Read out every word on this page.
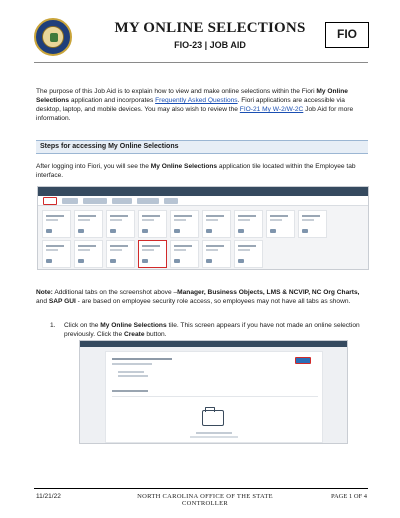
MY ONLINE SELECTIONS
FIO-23 | JOB AID
FIO
The purpose of this Job Aid is to explain how to view and make online selections within the Fiori My Online Selections application and incorporates Frequently Asked Questions. Fiori applications are accessible via desktop, laptop, and mobile devices. You may also wish to review the FIO-21 My W-2/W-2C Job Aid for more information.
Steps for accessing My Online Selections
After logging into Fiori, you will see the My Online Selections application tile located within the Employee tab interface.
Note: Additional tabs on the screenshot above –Manager, Business Objects, LMS & NCVIP, NC Org Charts, and SAP GUI - are based on employee security role access, so employees may not have all tabs as shown.
1. Click on the My Online Selections tile. This screen appears if you have not made an online selection previously. Click the Create button.
11/21/22	NORTH CAROLINA OFFICE OF THE STATE CONTROLLER
PAGE 1 OF 4
